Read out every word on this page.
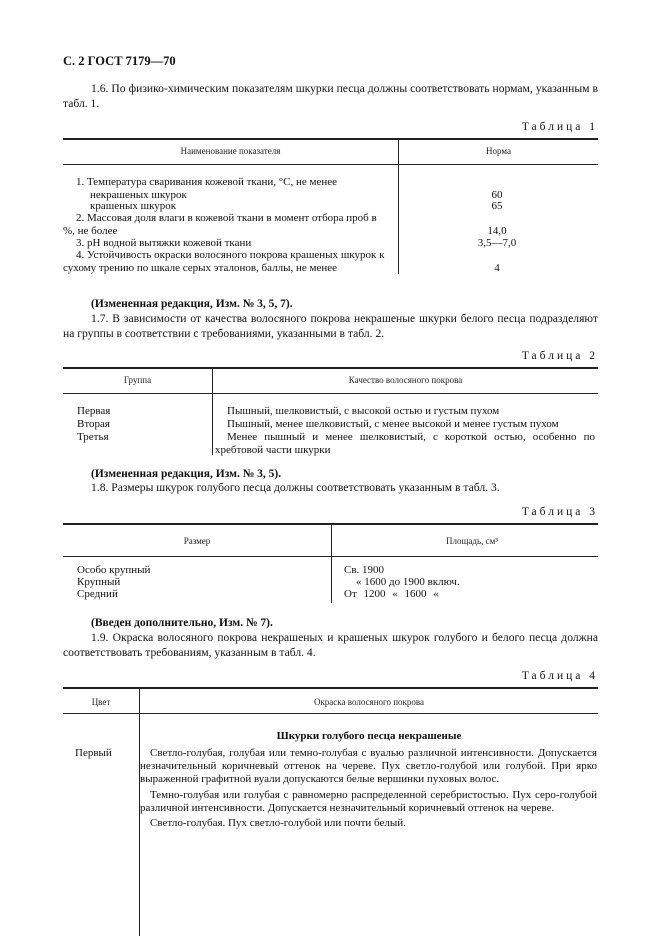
С. 2 ГОСТ 7179—70
1.6. По физико-химическим показателям шкурки песца должны соответствовать нормам, указанным в табл. 1.
Таблица 1
Наименование показателя	Норма
1. Температура сваривания кожевой ткани, °С, не менее
некрашеных шкурок	60
крашеных шкурок	65
2. Массовая доля влаги в кожевой ткани в момент отбора проб в
%, не более	14,0
3. pH водной вытяжки кожевой ткани	3,5—7,0
4. Устойчивость окраски волосяного покрова крашеных шкурок к
сухому трению по шкале серых эталонов, баллы, не менее	4
(Измененная редакция, Изм. № 3, 5, 7).
1.7. В зависимости от качества волосяного покрова некрашеные шкурки белого песца подразделяют на группы в соответствии с требованиями, указанными в табл. 2.
Таблица 2
Группа	Качество волосяного покрова
Первая	Пышный, шелковистый, с высокой остью и густым пухом
Вторая	Пышный, менее шелковистый, с менее высокой и менее густым пухом
Третья	Менее пышный и менее шелковистый, с короткой остью, особенно по хребтовой части шкурки
(Измененная редакция, Изм. № 3, 5).
1.8. Размеры шкурок голубого песца должны соответствовать указанным в табл. 3.
Таблица 3
Размер	Площадь, см³
Особо крупный	Св. 1900
Крупный	« 1600 до 1900 включ.
Средний	От 1200 « 1600 «
(Введен дополнительно, Изм. № 7).
1.9. Окраска волосяного покрова некрашеных и крашеных шкурок голубого и белого песца должна соответствовать требованиям, указанным в табл. 4.
Таблица 4
Цвет	Окраска волосяного покрова
Шкурки голубого песца некрашеные
Первый	Светло-голубая, голубая или темно-голубая с вуалью различной интенсивности. Допускается незначительный коричневый оттенок на череве. Пух светло-голубой или голубой. При ярко выраженной графитной вуали допускаются белые вершинки пуховых волос.
Темно-голубая или голубая с равномерно распределенной серебристостью. Пух серо-голубой различной интенсивности. Допускается незначительный коричневый оттенок на череве.
Светло-голубая. Пух светло-голубой или почти белый.
